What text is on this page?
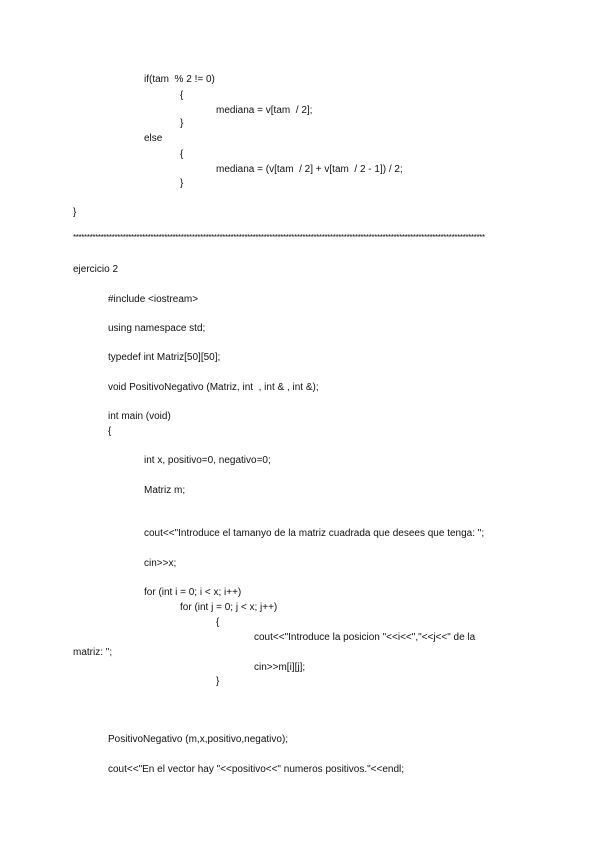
if(tam  % 2 != 0)
{
mediana = v[tam  / 2];
}
else
{
mediana = (v[tam  / 2] + v[tam  / 2 - 1]) / 2;
}
}
*****************************************************************************************************************************************************
ejercicio 2
#include <iostream>
using namespace std;
typedef int Matriz[50][50];
void PositivoNegativo (Matriz, int  , int & , int &);
int main (void)
{
int x, positivo=0, negativo=0;
Matriz m;
cout<<"Introduce el tamanyo de la matriz cuadrada que desees que tenga: ";
cin>>x;
for (int i = 0; i < x; i++)
for (int j = 0; j < x; j++)
{
cout<<"Introduce la posicion "<<i<<","<<j<<" de la
matriz: ";
cin>>m[i][j];
}
PositivoNegativo (m,x,positivo,negativo);
cout<<"En el vector hay "<<positivo<<" numeros positivos."<<endl;
